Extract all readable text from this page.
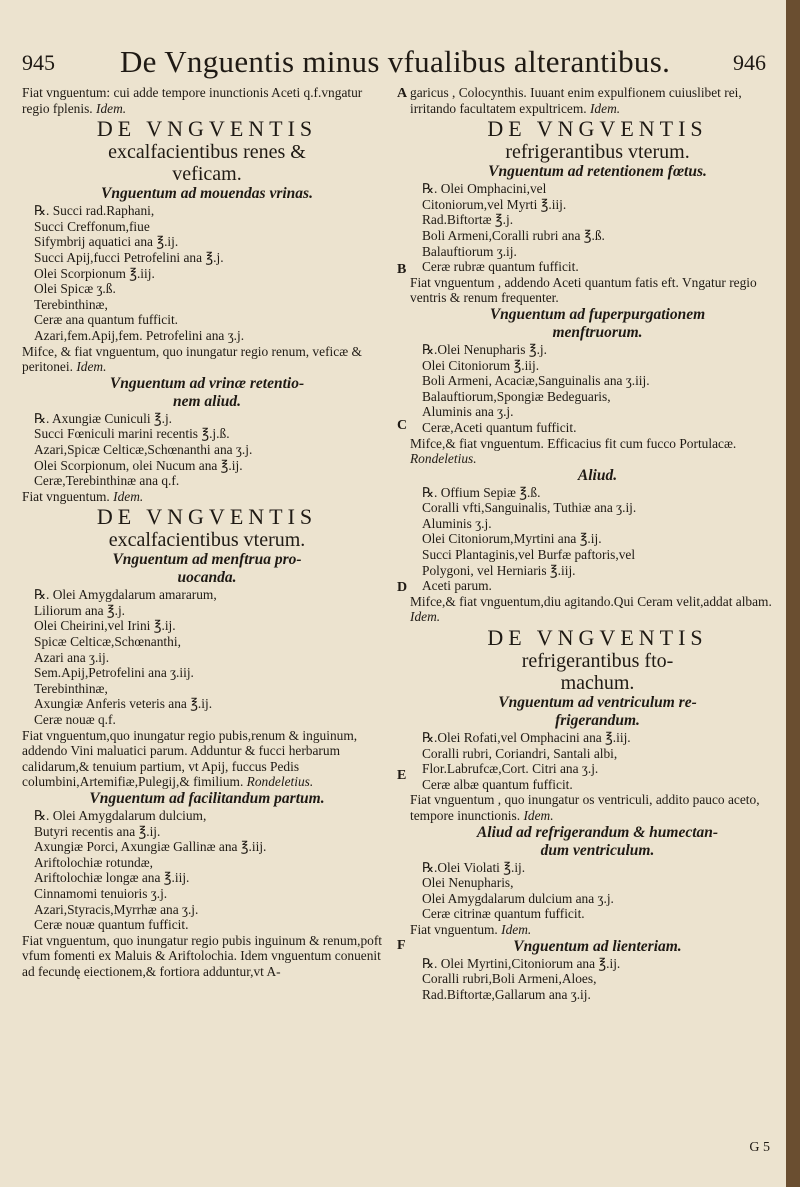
945 De Vnguentis minus vfualibus alterantibus.	946

Fiat vnguentum: cui adde tempore inunctionis Aceti q.f.vngatur regio fplenis. Idem.

DE VNGVENTIS
excalfacientibus renes &
veficam.
Vnguentum ad mouendas vrinas.
℞. Succi rad.Raphani,
Succi Creffonum,fiue
Sifymbrij aquatici ana ℥.ij.
Succi Apij,fucci Petrofelini ana ℥.j.
Olei Scorpionum ℥.iij.
Olei Spicæ ʒ.ß.
Terebinthinæ,
Ceræ ana quantum fufficit.
Azari,fem.Apij,fem. Petrofelini ana ʒ.j.

Mifce, & fiat vnguentum, quo inungatur regio renum, veficæ & peritonei. Idem.

Vnguentum ad vrinæ retentio-
nem aliud.
℞. Axungiæ Cuniculi ℥.j.
Succi Fœniculi marini recentis ℥.j.ß.
Azari,Spicæ Celticæ,Schœnanthi ana ʒ.j.
Olei Scorpionum, olei Nucum ana ℥.ij.
Ceræ,Terebinthinæ ana q.f.

Fiat vnguentum. Idem.

DE VNGVENTIS
excalfacientibus vterum.
Vnguentum ad menftrua pro-
uocanda.
℞. Olei Amygdalarum amararum,
Liliorum ana ℥.j.
Olei Cheirini,vel Irini ℥.ij.
Spicæ Celticæ,Schœnanthi,
Azari ana ʒ.ij.
Sem.Apij,Petrofelini ana ʒ.iij.
Terebinthinæ,
Axungiæ Anferis veteris ana ℥.ij.
Ceræ nouæ q.f.

Fiat vnguentum,quo inungatur regio pubis,renum & inguinum, addendo Vini maluatici parum. Adduntur & fucci herbarum calidarum,& tenuium partium, vt Apij, fuccus Pedis columbini,Artemifiæ,Pulegij,& fimilium. Rondeletius.

Vnguentum ad facilitandum partum.
℞. Olei Amygdalarum dulcium,
Butyri recentis ana ℥.ij.
Axungiæ Porci, Axungiæ Gallinæ ana ℥.iij.
Ariftolochiæ rotundæ,
Ariftolochiæ longæ ana ℥.iij.
Cinnamomi tenuioris ʒ.j.
Azari,Styracis,Myrrhæ ana ʒ.j.
Ceræ nouæ quantum fufficit.

Fiat vnguentum, quo inungatur regio pubis inguinum & renum,poft vfum fomenti ex Maluis & Ariftolochia. Idem vnguentum conuenit ad fecundę eiectionem,& fortiora adduntur,vt A-

A
B
C
D
E
F

garicus , Colocynthis. Iuuant enim expulfionem cuiuslibet rei, irritando facultatem expultricem. Idem.

DE VNGVENTIS
refrigerantibus vterum.
Vnguentum ad retentionem fœtus.
℞. Olei Omphacini,vel
Citoniorum,vel Myrti ℥.iij.
Rad.Biftortæ ℥.j.
Boli Armeni,Coralli rubri ana ℥.ß.
Balauftiorum ʒ.ij.
Ceræ rubræ quantum fufficit.

Fiat vnguentum , addendo Aceti quantum fatis eft. Vngatur regio ventris & renum frequenter.

Vnguentum ad fuperpurgationem
menftruorum.
℞.Olei Nenupharis ℥.j.
Olei Citoniorum ℥.iij.
Boli Armeni, Acaciæ,Sanguinalis ana ʒ.iij.
Balauftiorum,Spongiæ Bedeguaris,
Aluminis ana ʒ.j.
Ceræ,Aceti quantum fufficit.

Mifce,& fiat vnguentum. Efficacius fit cum fucco Portulacæ. Rondeletius.

Aliud.
℞. Offium Sepiæ ℥.ß.
Coralli vfti,Sanguinalis, Tuthiæ ana ʒ.ij.
Aluminis ʒ.j.
Olei Citoniorum,Myrtini ana ℥.ij.
Succi Plantaginis,vel Burfæ paftoris,vel
Polygoni, vel Herniaris ℥.iij.
Aceti parum.

Mifce,& fiat vnguentum,diu agitando.Qui Ceram velit,addat albam. Idem.

DE VNGVENTIS
refrigerantibus fto-
machum.
Vnguentum ad ventriculum re-
frigerandum.
℞.Olei Rofati,vel Omphacini ana ℥.iij.
Coralli rubri, Coriandri, Santali albi,
Flor.Labrufcæ,Cort. Citri ana ʒ.j.
Ceræ albæ quantum fufficit.

Fiat vnguentum , quo inungatur os ventriculi, addito pauco aceto, tempore inunctionis. Idem.

Aliud ad refrigerandum & humectan-
dum ventriculum.
℞.Olei Violati ℥.ij.
Olei Nenupharis,
Olei Amygdalarum dulcium ana ʒ.j.
Ceræ citrinæ quantum fufficit.

Fiat vnguentum. Idem.

Vnguentum ad lienteriam.
℞. Olei Myrtini,Citoniorum ana ℥.ij.
Coralli rubri,Boli Armeni,Aloes,
Rad.Biftortæ,Gallarum ana ʒ.ij.
G 5
